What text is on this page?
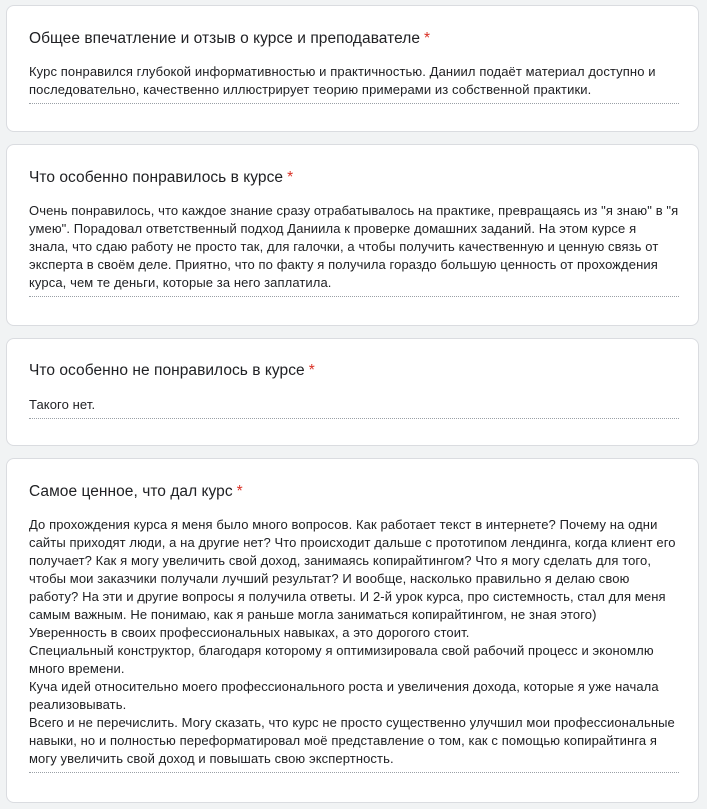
Общее впечатление и отзыв о курсе и преподавателе *
Курс понравился глубокой информативностью и практичностью. Даниил подаёт материал доступно и последовательно, качественно иллюстрирует теорию примерами из собственной практики.
Что особенно понравилось в курсе *
Очень понравилось, что каждое знание сразу отрабатывалось на практике, превращаясь из "я знаю" в "я умею". Порадовал ответственный подход Даниила к проверке домашних заданий. На этом курсе я знала, что сдаю работу не просто так, для галочки, а чтобы получить качественную и ценную связь от эксперта в своём деле. Приятно, что по факту я получила гораздо большую ценность от прохождения курса, чем те деньги, которые за него заплатила.
Что особенно не понравилось в курсе *
Такого нет.
Самое ценное, что дал курс *
До прохождения курса я меня было много вопросов. Как работает текст в интернете? Почему на одни сайты приходят люди, а на другие нет? Что происходит дальше с прототипом лендинга, когда клиент его получает? Как я могу увеличить свой доход, занимаясь копирайтингом? Что я могу сделать для того, чтобы мои заказчики получали лучший результат? И вообще, насколько правильно я делаю свою работу? На эти и другие вопросы я получила ответы. И 2-й урок курса, про системность, стал для меня самым важным. Не понимаю, как я раньше могла заниматься копирайтингом, не зная этого)
Уверенность в своих профессиональных навыках, а это дорогого стоит.
Специальный конструктор, благодаря которому я оптимизировала свой рабочий процесс и экономлю много времени.
Куча идей относительно моего профессионального роста и увеличения дохода, которые я уже начала реализовывать.
Всего и не перечислить. Могу сказать, что курс не просто существенно улучшил мои профессиональные навыки, но и полностью переформатировал моё представление о том, как с помощью копирайтинга я могу увеличить свой доход и повышать свою экспертность.
